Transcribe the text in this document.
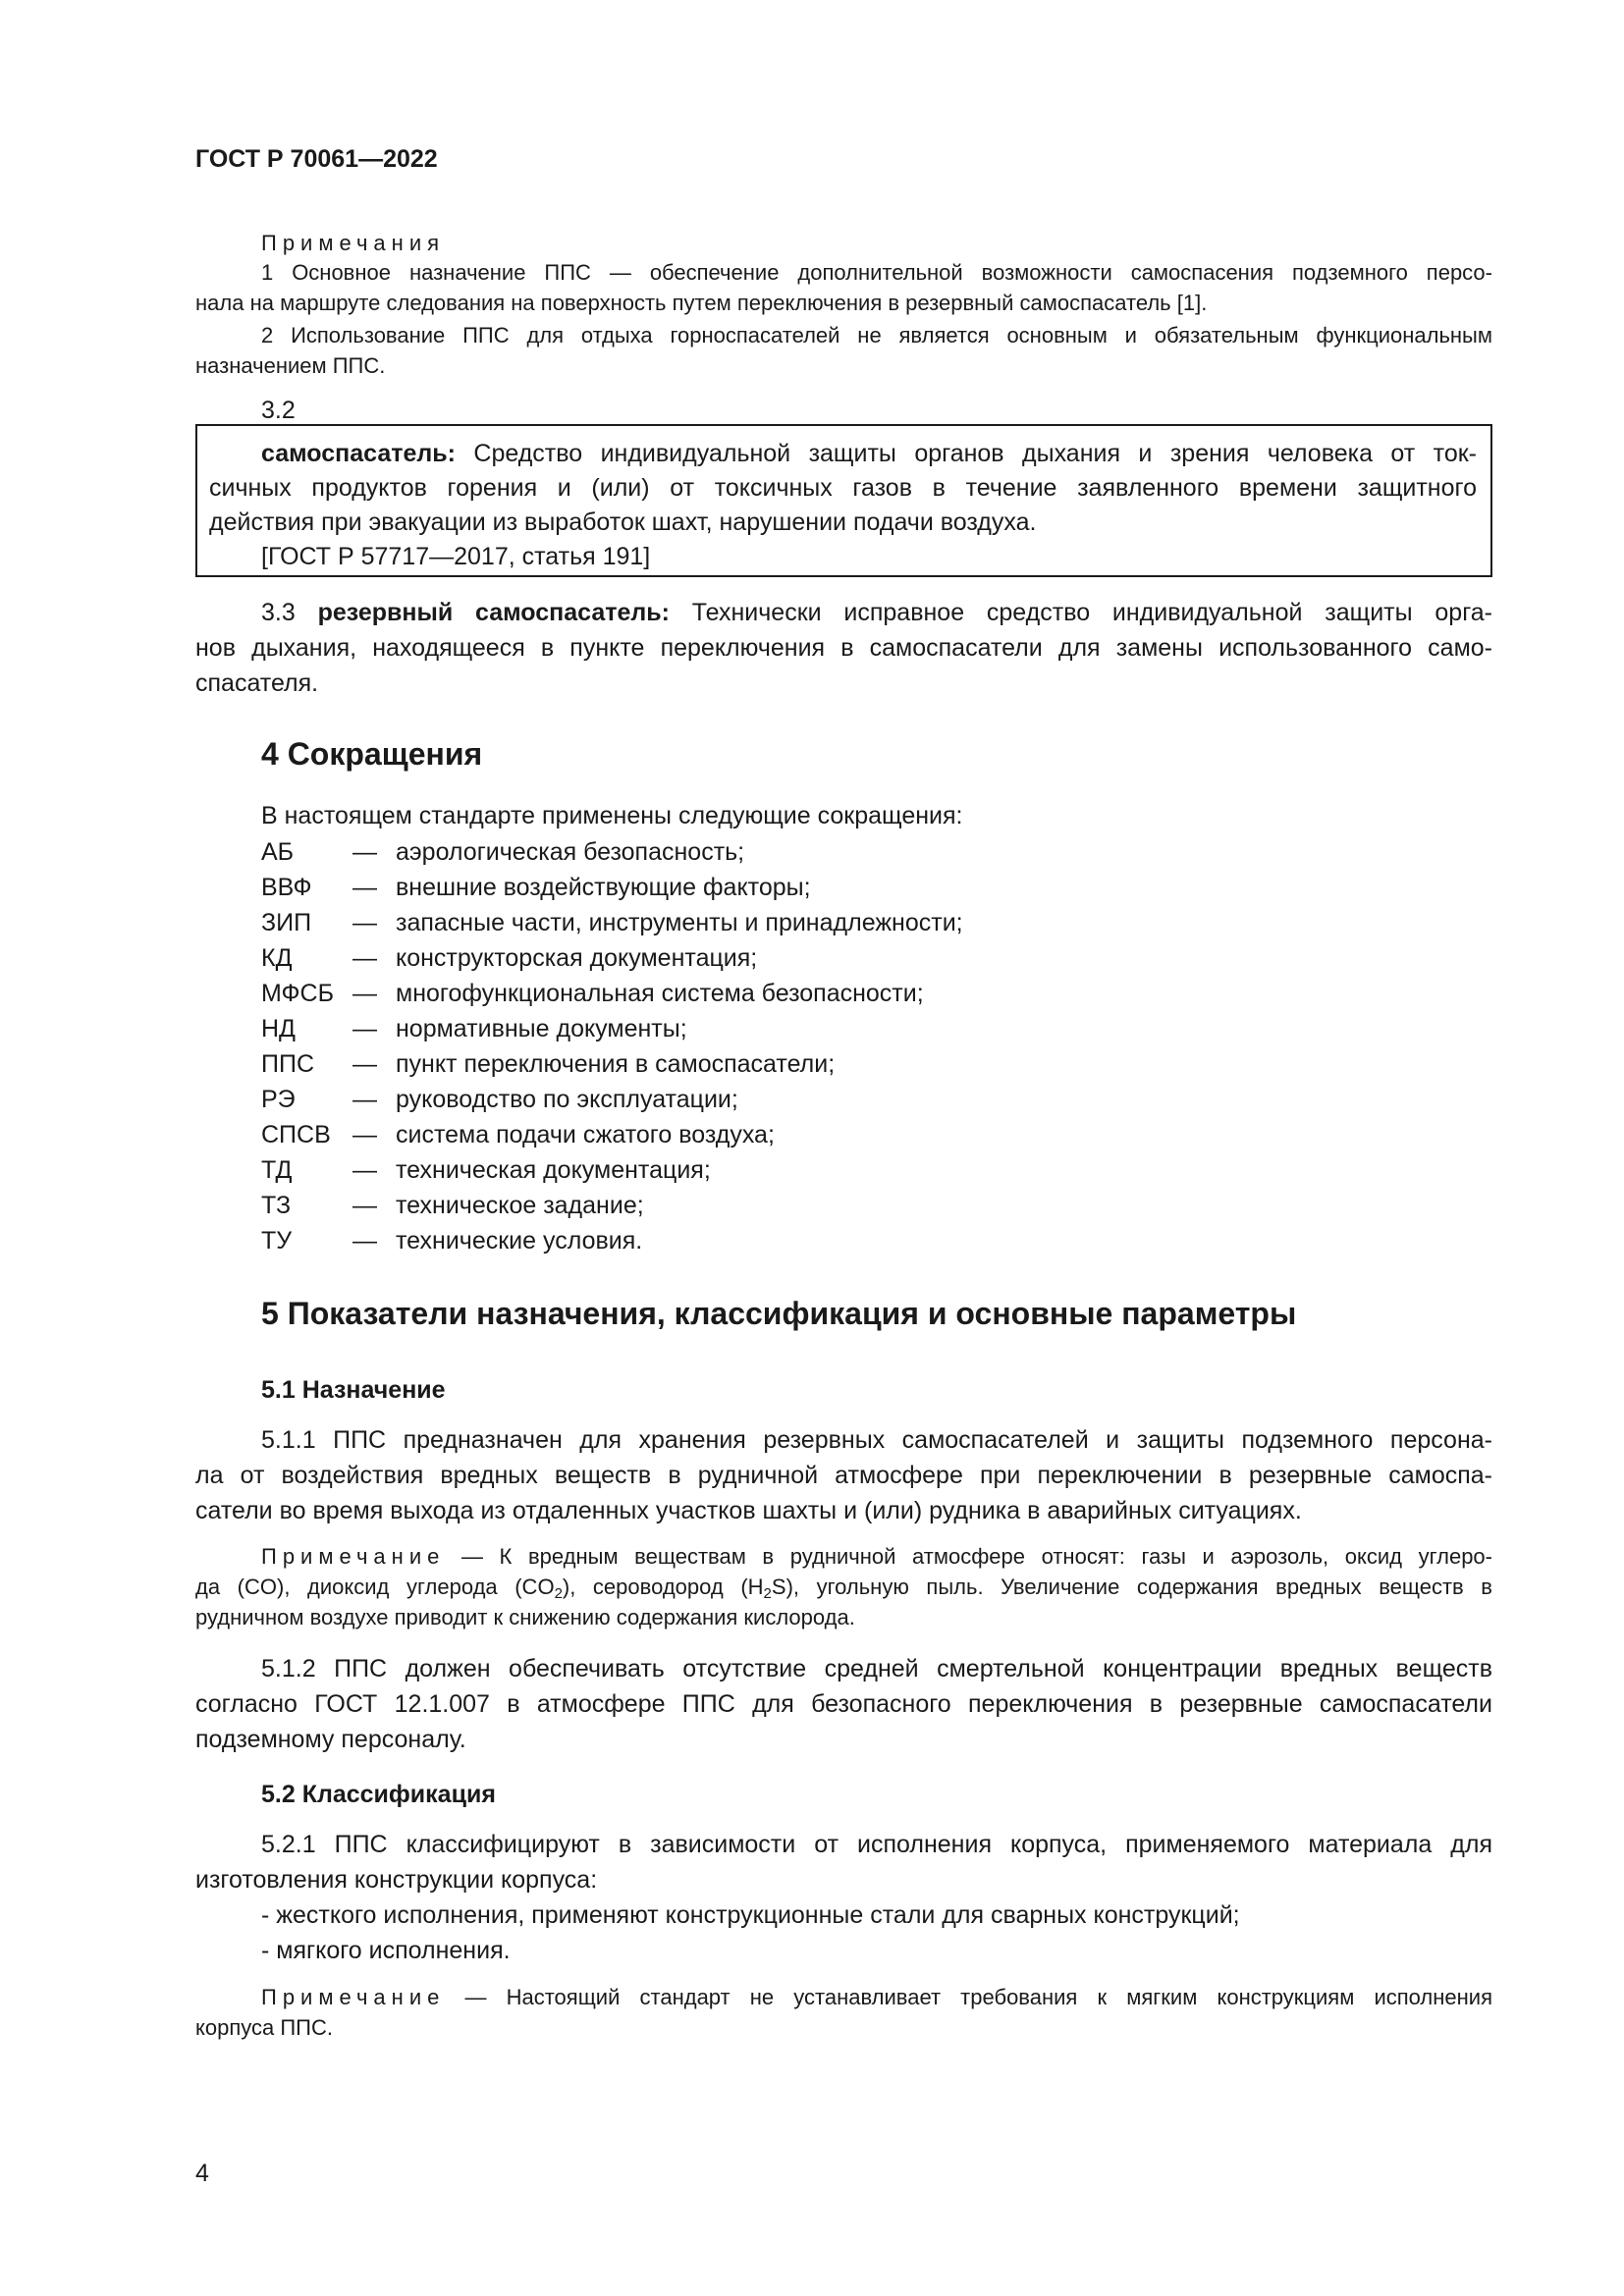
ГОСТ Р 70061—2022
Примечания
1 Основное назначение ППС — обеспечение дополнительной возможности самоспасения подземного персо-
нала на маршруте следования на поверхность путем переключения в резервный самоспасатель [1].
2 Использование ППС для отдыха горноспасателей не является основным и обязательным функциональным
назначением ППС.
3.2
самоспасатель: Средство индивидуальной защиты органов дыхания и зрения человека от ток-
сичных продуктов горения и (или) от токсичных газов в течение заявленного времени защитного
действия при эвакуации из выработок шахт, нарушении подачи воздуха.
[ГОСТ Р 57717—2017, статья 191]
3.3 резервный самоспасатель: Технически исправное средство индивидуальной защиты орга-
нов дыхания, находящееся в пункте переключения в самоспасатели для замены использованного само-
спасателя.
4 Сокращения
В настоящем стандарте применены следующие сокращения:
АБ — аэрологическая безопасность;
ВВФ — внешние воздействующие факторы;
ЗИП — запасные части, инструменты и принадлежности;
КД — конструкторская документация;
МФСБ — многофункциональная система безопасности;
НД — нормативные документы;
ППС — пункт переключения в самоспасатели;
РЭ — руководство по эксплуатации;
СПСВ — система подачи сжатого воздуха;
ТД — техническая документация;
ТЗ	— техническое задание;
ТУ — технические условия.
5 Показатели назначения, классификация и основные параметры
5.1 Назначение
5.1.1 ППС предназначен для хранения резервных самоспасателей и защиты подземного персона-
ла от воздействия вредных веществ в рудничной атмосфере при переключении в резервные самоспа-
сатели во время выхода из отдаленных участков шахты и (или) рудника в аварийных ситуациях.
Примечание — К вредным веществам в рудничной атмосфере относят: газы и аэрозоль, оксид углеро-
да (CO), диоксид углерода $(CO_2)$, сероводород $(H_2S)$, угольную пыль. Увеличение содержания вредных веществ в
рудничном воздухе приводит к снижению содержания кислорода.
5.1.2 ППС должен обеспечивать отсутствие средней смертельной концентрации вредных веществ
согласно ГОСТ 12.1.007 в атмосфере ППС для безопасного переключения в резервные самоспасатели
подземному персоналу.
5.2 Классификация
5.2.1 ППС классифицируют в зависимости от исполнения корпуса, применяемого материала для
изготовления конструкции корпуса:
- жесткого исполнения, применяют конструкционные стали для сварных конструкций;
- мягкого исполнения.
Примечание — Настоящий стандарт не устанавливает требования к мягким конструкциям исполнения
корпуса ППС.
4
